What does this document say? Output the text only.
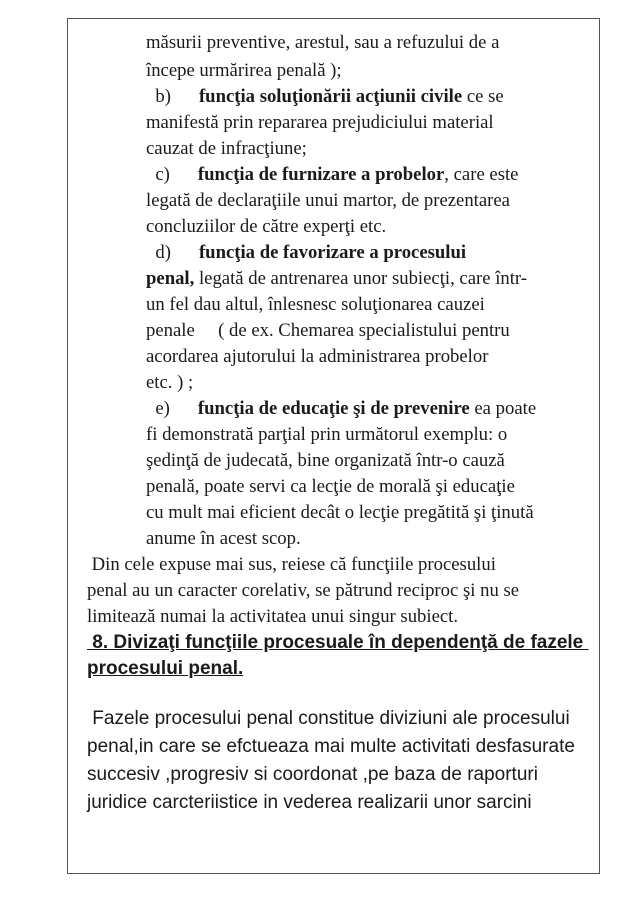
măsurii preventive, arestul, sau a refuzului de a
începe urmărirea penală );
b)      funcţia soluţionării acţiunii civile ce se
manifestă prin repararea prejudiciului material
cauzat de infracţiune;
c)      funcţia de furnizare a probelor, care este
legată de declaraţiile unui martor, de prezentarea
concluziilor de către experţi etc.
d)      funcţia de favorizare a procesului
penal, legată de antrenarea unor subiecţi, care într-
un fel dau altul, înlesnesc soluţionarea cauzei
penale     ( de ex. Chemarea specialistului pentru
acordarea ajutorului la administrarea probelor
etc. ) ;
e)      funcţia de educaţie şi de prevenire ea poate
fi demonstrată parţial prin următorul exemplu: o
şedinţă de judecată, bine organizată într-o cauză
penală, poate servi ca lecţie de morală şi educaţie
cu mult mai eficient decât o lecţie pregătită şi ţinută
anume în acest scop.
Din cele expuse mai sus, reiese că funcţiile procesului
penal au un caracter corelativ, se pătrund reciproc şi nu se
limitează numai la activitatea unui singur subiect.
8. Divizaţi funcţiile procesuale în dependenţă de fazele
procesului penal.
Fazele procesului penal constitue diviziuni ale procesului
penal,in care se efctueaza mai multe activitati desfasurate
succesiv ,progresiv si coordonat ,pe baza de raporturi
juridice carcteriistice in vederea realizarii unor sarcini
